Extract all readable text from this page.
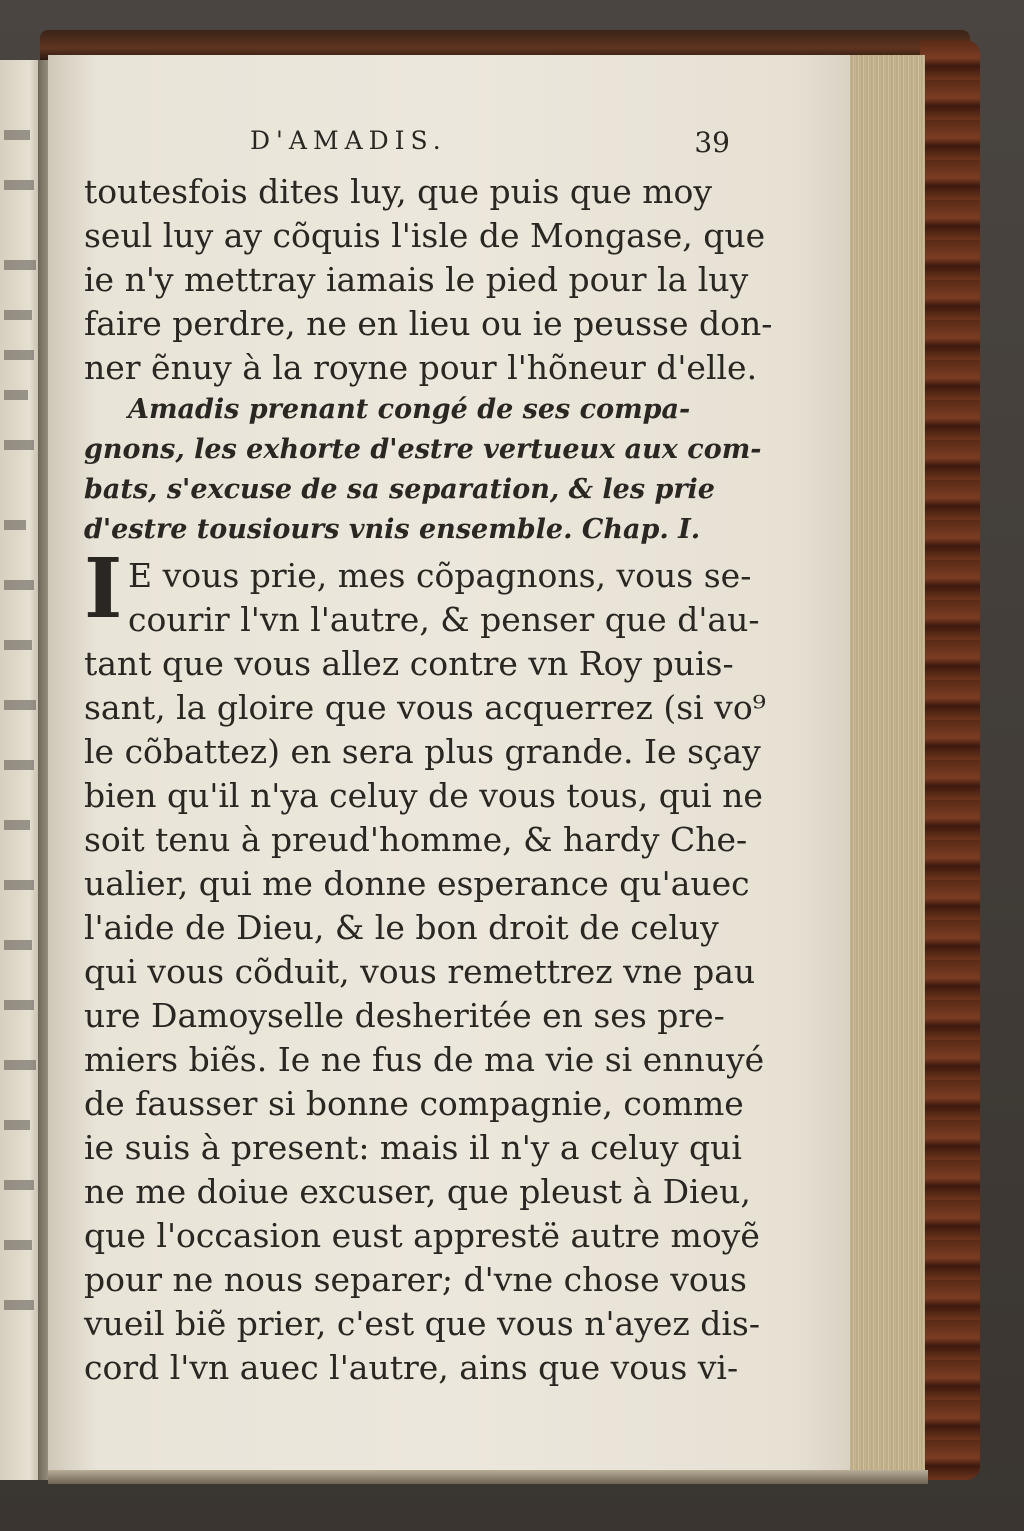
D'AMADIS.	39
toutesfois dites luy, que puis que moy
seul luy ay cõquis l'isle de Mongase, que
ie n'y mettray iamais le pied pour la luy
faire perdre, ne en lieu ou ie peusse don-
ner ẽnuy à la royne pour l'hõneur d'elle.
Amadis prenant congé de ses compa-
gnons, les exhorte d'estre vertueux aux com-
bats, s'excuse de sa separation, & les prie
d'estre tousiours vnis ensemble. Chap. I.
I E vous prie, mes cõpagnons, vous se-
courir l'vn l'autre, & penser que d'au-
tant que vous allez contre vn Roy puis-
sant, la gloire que vous acquerrez (si vo⁹
le cõbattez) en sera plus grande. Ie sçay
bien qu'il n'ya celuy de vous tous, qui ne
soit tenu à preud'homme, & hardy Che-
ualier, qui me donne esperance qu'auec
l'aide de Dieu, & le bon droit de celuy
qui vous cõduit, vous remettrez vne pau
ure Damoyselle desheritée en ses pre-
miers biẽs. Ie ne fus de ma vie si ennuyé
de fausser si bonne compagnie, comme
ie suis à present: mais il n'y a celuy qui
ne me doiue excuser, que pleust à Dieu,
que l'occasion eust apprestë autre moyẽ
pour ne nous separer; d'vne chose vous
vueil biẽ prier, c'est que vous n'ayez dis-
cord l'vn auec l'autre, ains que vous vi-
